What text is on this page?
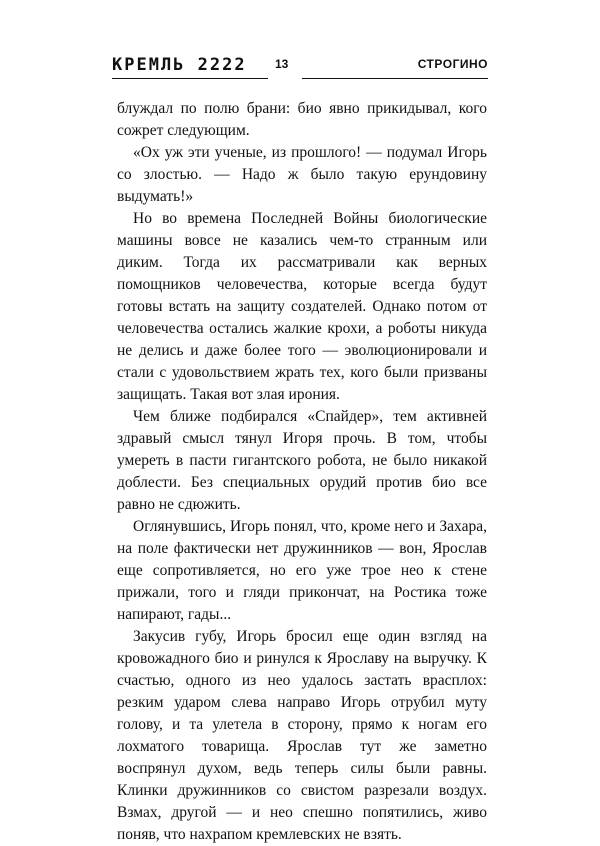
КРЕМЛЬ 2222 13	СТРОГИНО

блуждал по полю брани: био явно прикидывал, кого сожрет следующим.

«Ох уж эти ученые, из прошлого! — подумал Игорь со злостью. — Надо ж было такую ерундовину выдумать!»

Но во времена Последней Войны биологические машины вовсе не казались чем-то странным или диким. Тогда их рассматривали как верных помощников человечества, которые всегда будут готовы встать на защиту создателей. Однако потом от человечества остались жалкие крохи, а роботы никуда не делись и даже более того — эволюционировали и стали с удовольствием жрать тех, кого были призваны защищать. Такая вот злая ирония.

Чем ближе подбирался «Спайдер», тем активней здравый смысл тянул Игоря прочь. В том, чтобы умереть в пасти гигантского робота, не было никакой доблести. Без специальных орудий против био все равно не сдюжить.

Оглянувшись, Игорь понял, что, кроме него и Захара, на поле фактически нет дружинников — вон, Ярослав еще сопротивляется, но его уже трое нео к стене прижали, того и гляди прикончат, на Ростика тоже напирают, гады...

Закусив губу, Игорь бросил еще один взгляд на кровожадного био и ринулся к Ярославу на выручку. К счастью, одного из нео удалось застать врасплох: резким ударом слева направо Игорь отрубил муту голову, и та улетела в сторону, прямо к ногам его лохматого товарища. Ярослав тут же заметно воспрянул духом, ведь теперь силы были равны. Клинки дружинников со свистом разрезали воздух. Взмах, другой — и нео спешно попятились, живо поняв, что нахрапом кремлевских не взять.
